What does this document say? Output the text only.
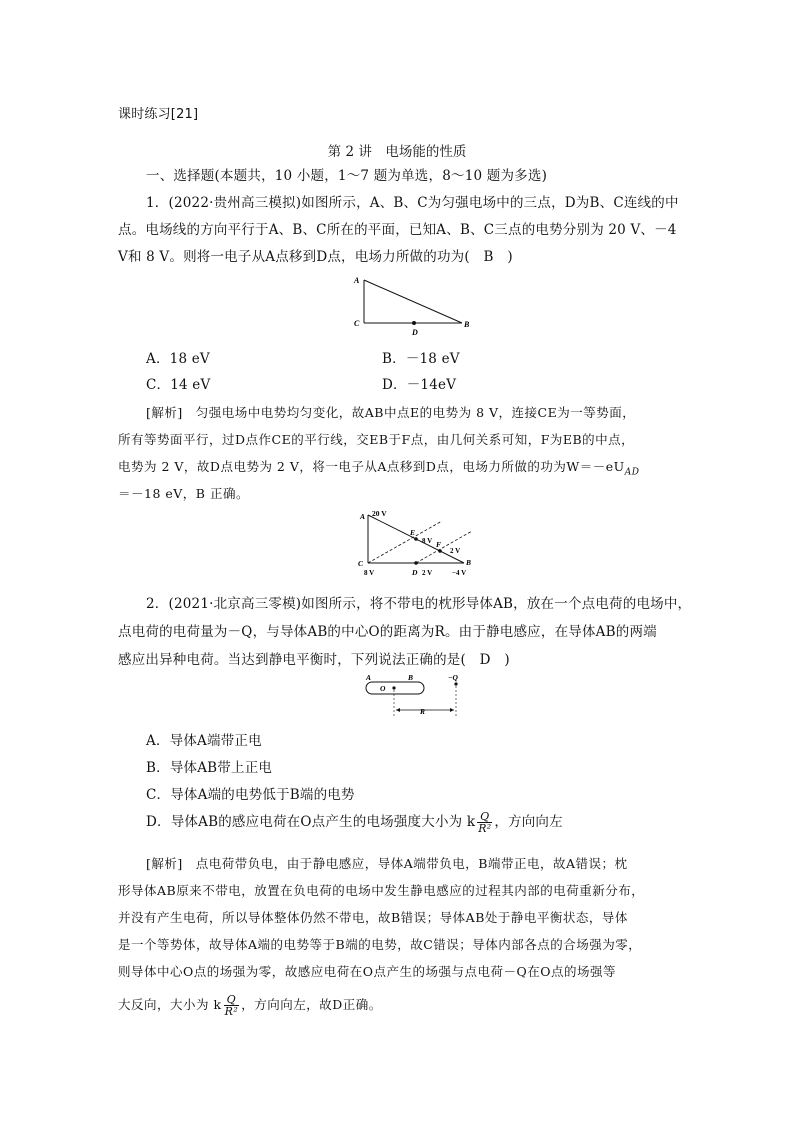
课时练习[21]
第 2 讲　电场能的性质
一、选择题(本题共，10 小题，1～7 题为单选，8～10 题为多选)
1．(2022·贵州高三模拟)如图所示，A、B、C为匀强电场中的三点，D为B、C连线的中
点。电场线的方向平行于A、B、C所在的平面，已知A、B、C三点的电势分别为 20 V、－4
V和 8 V。则将一电子从A点移到D点，电场力所做的功为(　B　)
A
C	B
D
A．18 eV	B．－18 eV
C．14 eV	D．－14eV
[解析]　匀强电场中电势均匀变化，故AB中点E的电势为 8 V，连接CE为一等势面，
所有等势面平行，过D点作CE的平行线，交EB于F点，由几何关系可知，F为EB的中点，
电势为 2 V，故D点电势为 2 V，将一电子从A点移到D点，电场力所做的功为$W=-eU_{AD}$
＝－18 eV，B 正确。
A 20 V
E
8 V F
2 V
B
−4 V
C
8 V	D 2 V
2．(2021·北京高三零模)如图所示，将不带电的枕形导体AB，放在一个点电荷的电场中，
点电荷的电荷量为－Q，与导体AB的中心O的距离为R。由于静电感应，在导体AB的两端
感应出异种电荷。当达到静电平衡时，下列说法正确的是(　D　)
A	B
O
−Q
R
A．导体A端带正电
B．导体AB带上正电
C．导体A端的电势低于B端的电势
D．导体AB的感应电荷在O点产生的电场强度大小为 k $\frac{Q}{\text{R²}}$ ，方向向左
[解析]　点电荷带负电，由于静电感应，导体A端带负电，B端带正电，故A错误；枕
形导体AB原来不带电，放置在负电荷的电场中发生静电感应的过程其内部的电荷重新分布，
并没有产生电荷，所以导体整体仍然不带电，故B错误；导体AB处于静电平衡状态，导体
是一个等势体，故导体A端的电势等于B端的电势，故C错误；导体内部各点的合场强为零，
则导体中心O点的场强为零，故感应电荷在O点产生的场强与点电荷－Q在O点的场强等
大反向，大小为 k $\frac{Q}{\text{R²}}$ ，方向向左，故D正确。
